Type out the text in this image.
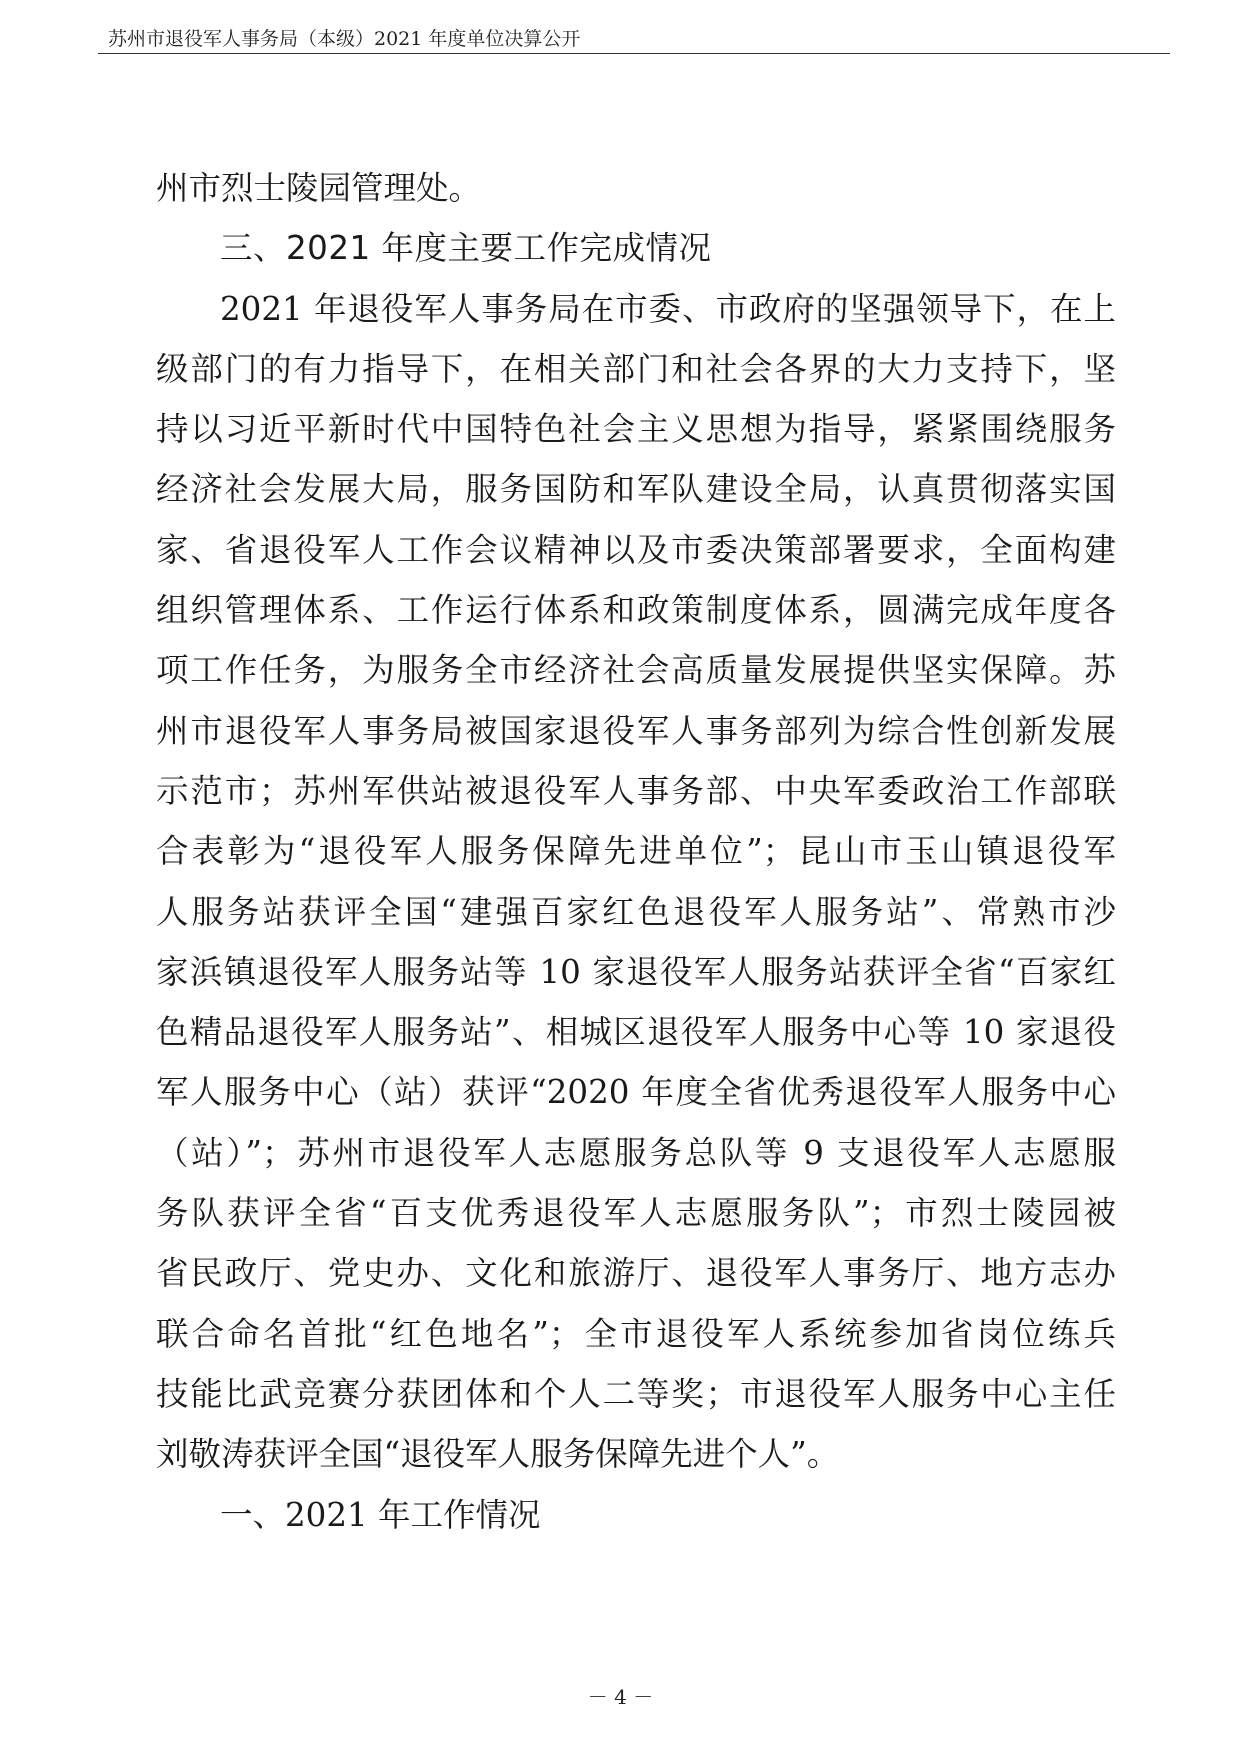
苏州市退役军人事务局（本级）2021 年度单位决算公开
州市烈士陵园管理处。
三、2021 年度主要工作完成情况
2021 年退役军人事务局在市委、市政府的坚强领导下，在上
级部门的有力指导下，在相关部门和社会各界的大力支持下，坚
持以习近平新时代中国特色社会主义思想为指导，紧紧围绕服务
经济社会发展大局，服务国防和军队建设全局，认真贯彻落实国
家、省退役军人工作会议精神以及市委决策部署要求，全面构建
组织管理体系、工作运行体系和政策制度体系，圆满完成年度各
项工作任务，为服务全市经济社会高质量发展提供坚实保障。苏
州市退役军人事务局被国家退役军人事务部列为综合性创新发展
示范市；苏州军供站被退役军人事务部、中央军委政治工作部联
合表彰为“退役军人服务保障先进单位”；昆山市玉山镇退役军
人服务站获评全国“建强百家红色退役军人服务站”、常熟市沙
家浜镇退役军人服务站等 10 家退役军人服务站获评全省“百家红
色精品退役军人服务站”、相城区退役军人服务中心等 10 家退役
军人服务中心（站）获评“2020 年度全省优秀退役军人服务中心
（站）”；苏州市退役军人志愿服务总队等 9 支退役军人志愿服
务队获评全省“百支优秀退役军人志愿服务队”；市烈士陵园被
省民政厅、党史办、文化和旅游厅、退役军人事务厅、地方志办
联合命名首批“红色地名”；全市退役军人系统参加省岗位练兵
技能比武竞赛分获团体和个人二等奖；市退役军人服务中心主任
刘敬涛获评全国“退役军人服务保障先进个人”。
一、2021 年工作情况
－ 4 －
